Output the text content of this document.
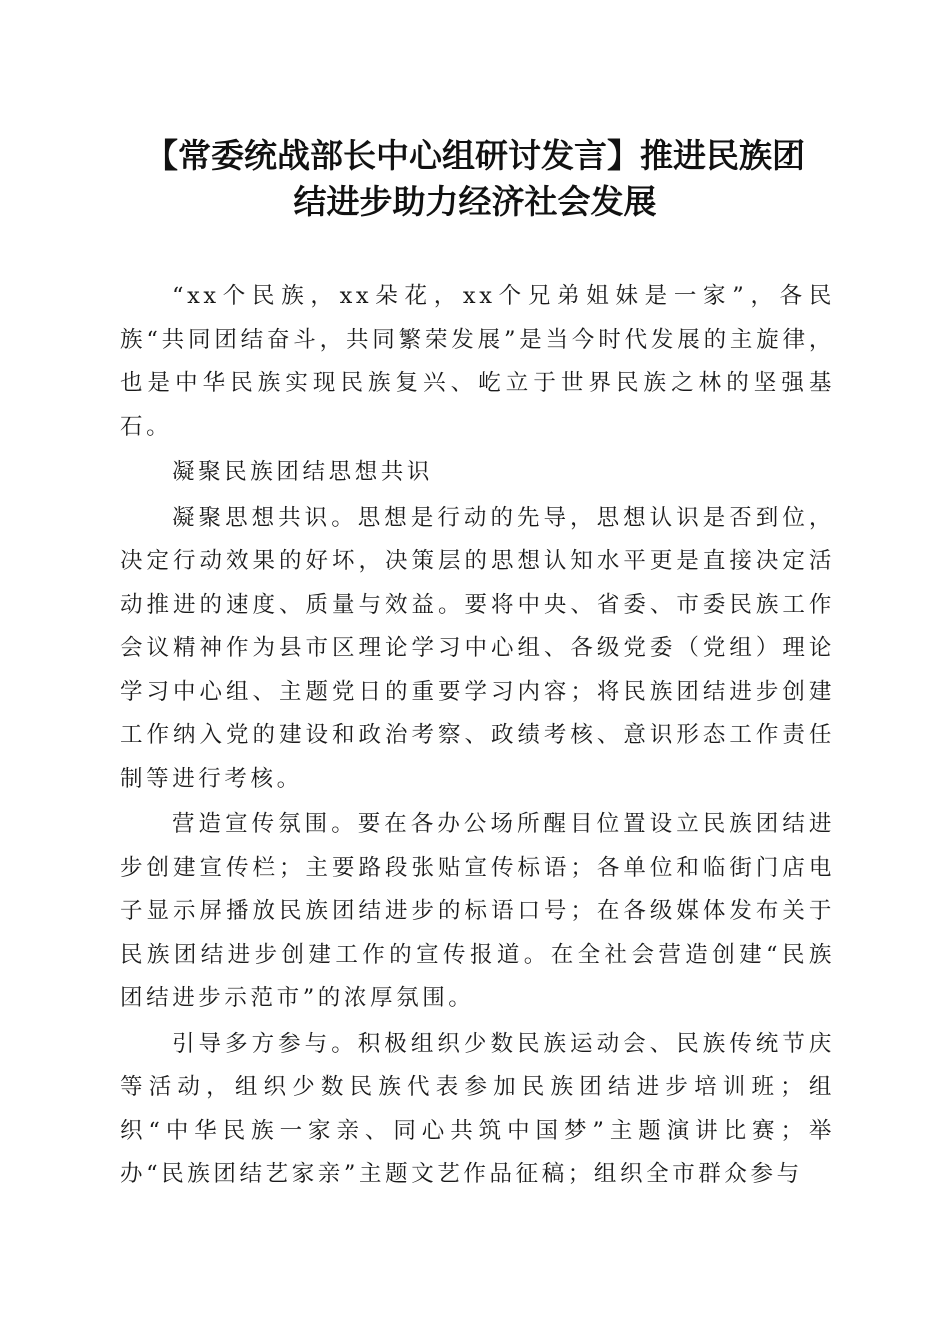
【常委统战部长中心组研讨发言】推进民族团
结进步助力经济社会发展

“xx个民族，xx朵花，xx个兄弟姐妹是一家”，各民族“共同团结奋斗，共同繁荣发展”是当今时代发展的主旋律，也是中华民族实现民族复兴、屹立于世界民族之林的坚强基石。

凝聚民族团结思想共识

凝聚思想共识。思想是行动的先导，思想认识是否到位，决定行动效果的好坏，决策层的思想认知水平更是直接决定活动推进的速度、质量与效益。要将中央、省委、市委民族工作会议精神作为县市区理论学习中心组、各级党委（党组）理论学习中心组、主题党日的重要学习内容；将民族团结进步创建工作纳入党的建设和政治考察、政绩考核、意识形态工作责任制等进行考核。

营造宣传氛围。要在各办公场所醒目位置设立民族团结进步创建宣传栏；主要路段张贴宣传标语；各单位和临街门店电子显示屏播放民族团结进步的标语口号；在各级媒体发布关于民族团结进步创建工作的宣传报道。在全社会营造创建“民族团结进步示范市”的浓厚氛围。

引导多方参与。积极组织少数民族运动会、民族传统节庆等活动，组织少数民族代表参加民族团结进步培训班；组织“中华民族一家亲、同心共筑中国梦”主题演讲比赛；举办“民族团结艺家亲”主题文艺作品征稿；组织全市群众参与
